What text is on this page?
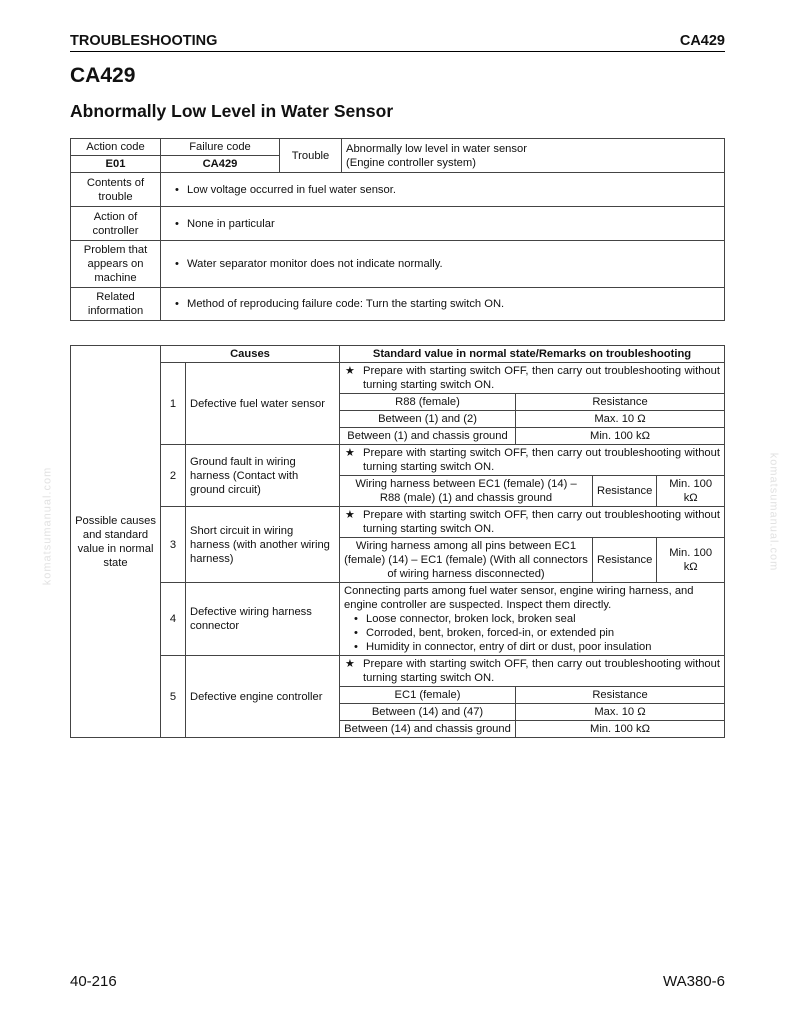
TROUBLESHOOTING	CA429
CA429
Abnormally Low Level in Water Sensor
Action code	Failure code	Trouble	Abnormally low level in water sensor
(Engine controller system)

E01	CA429		
Contents of trouble	• Low voltage occurred in fuel water sensor.
Action of controller	• None in particular
Problem that appears on machine	• Water separator monitor does not indicate normally.
Related information	• Method of reproducing failure code: Turn the starting switch ON.
Possible causes and standard value in normal state	Causes		Standard value in normal state/Remarks on troubleshooting			
	1	Defective fuel water sensor	★ Prepare with starting switch OFF, then carry out troubleshooting without turning starting switch ON.			

			R88 (female)	Resistance		
			Between (1) and (2)	Max. 10 Ω		
			Between (1) and chassis ground	Min. 100 kΩ		
	2	Ground fault in wiring harness (Contact with ground circuit)	★ Prepare with starting switch OFF, then carry out troubleshooting without turning starting switch ON.			

			Wiring harness between EC1 (female) (14) – R88 (male) (1) and chassis ground		Resistance	Min. 100 kΩ
	3	Short circuit in wiring harness (with another wiring harness)	★ Prepare with starting switch OFF, then carry out troubleshooting without turning starting switch ON.			

			Wiring harness among all pins between EC1 (female) (14) – EC1 (female) (With all connectors of wiring harness disconnected)		Resistance	Min. 100 kΩ
	4	Defective wiring harness connector	Connecting parts among fuel water sensor, engine wiring harness, and engine controller are suspected. Inspect them directly.
• Loose connector, broken lock, broken seal
• Corroded, bent, broken, forced-in, or extended pin
• Humidity in connector, entry of dirt or dust, poor insulation

	5	Defective engine controller	★ Prepare with starting switch OFF, then carry out troubleshooting without turning starting switch ON.			

			EC1 (female)	Resistance		
			Between (14) and (47)	Max. 10 Ω		
			Between (14) and chassis ground	Min. 100 kΩ		
komatsumanual.com	komatsumanual.com
40-216	WA380-6
